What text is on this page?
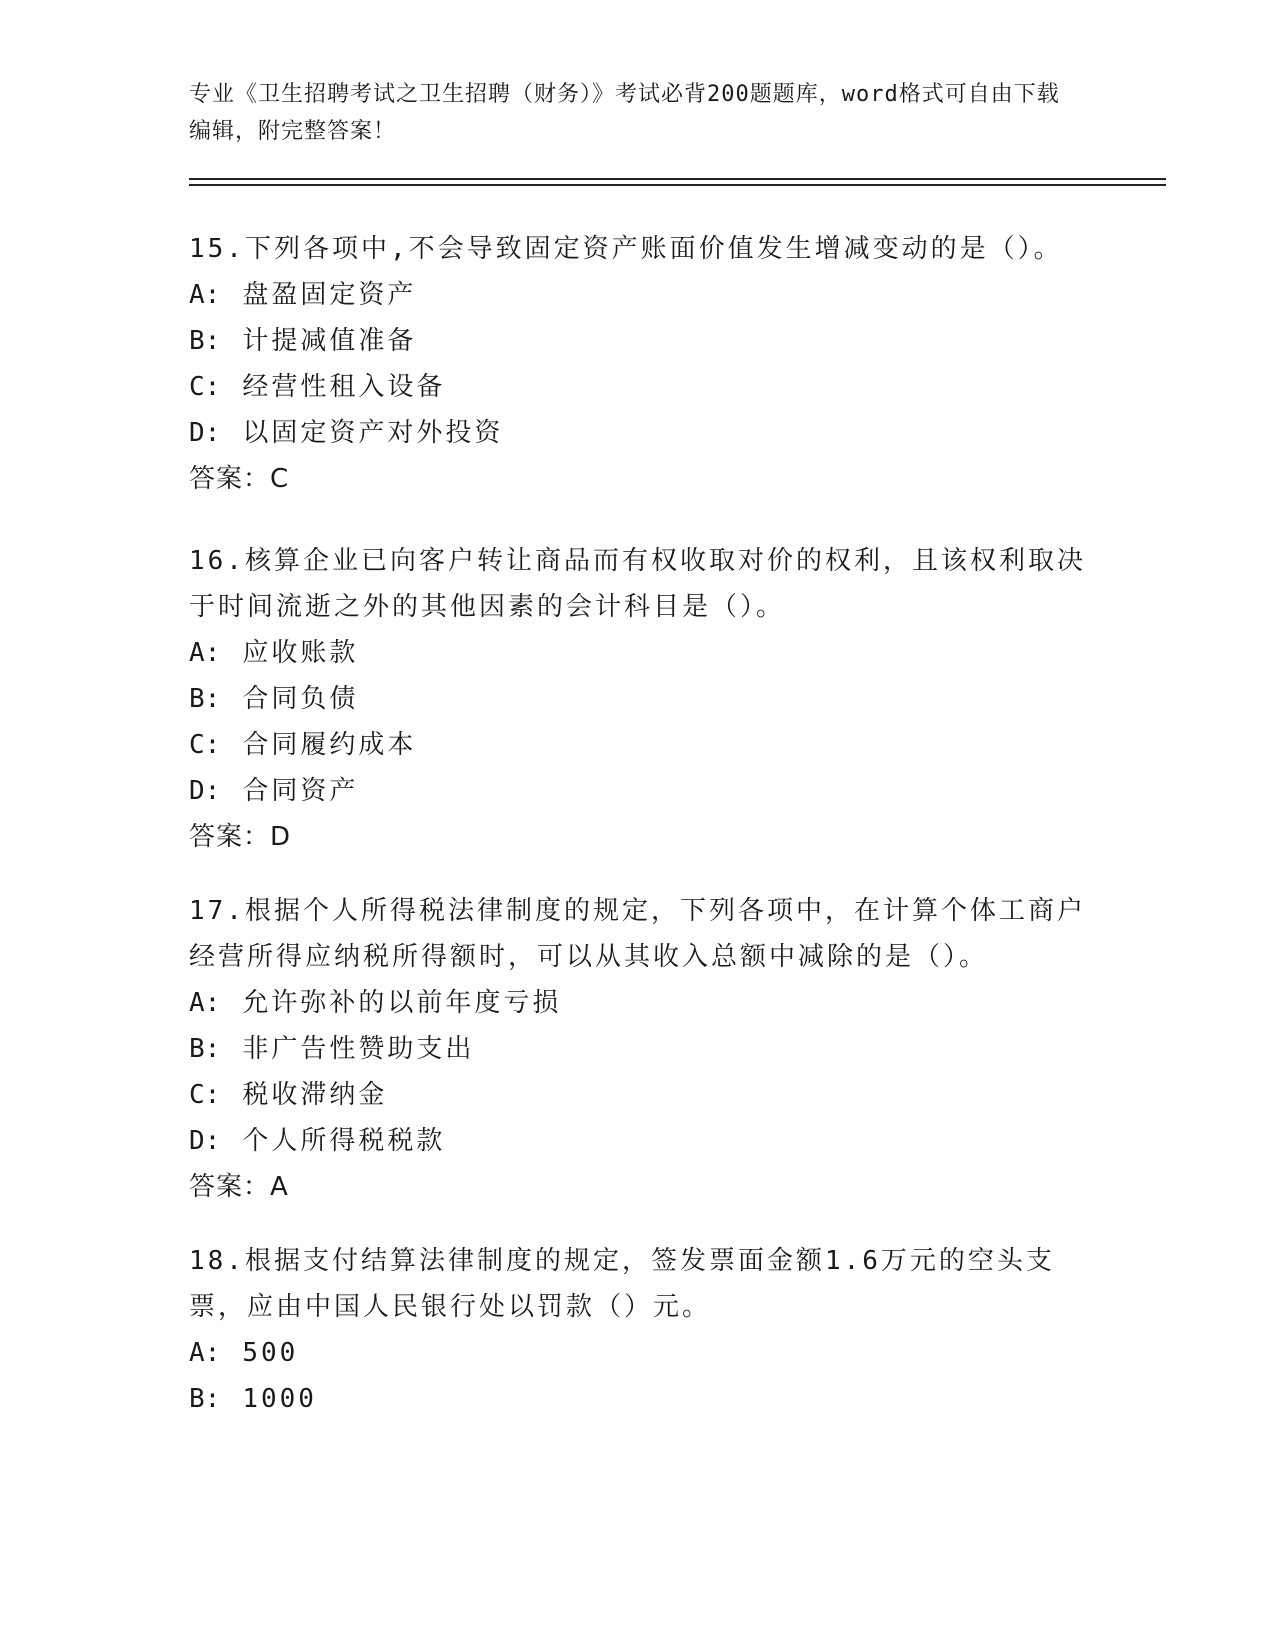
专业《卫生招聘考试之卫生招聘（财务）》考试必背200题题库，word格式可自由下载编辑，附完整答案！

15.下列各项中,不会导致固定资产账面价值发生增减变动的是（）。

A: 盘盈固定资产

B: 计提减值准备

C: 经营性租入设备

D: 以固定资产对外投资

答案：C

16.核算企业已向客户转让商品而有权收取对价的权利，且该权利取决于时间流逝之外的其他因素的会计科目是（）。

A: 应收账款

B: 合同负债

C: 合同履约成本

D: 合同资产

答案：D

17.根据个人所得税法律制度的规定，下列各项中，在计算个体工商户经营所得应纳税所得额时，可以从其收入总额中减除的是（）。

A: 允许弥补的以前年度亏损

B: 非广告性赞助支出

C: 税收滞纳金

D: 个人所得税税款

答案：A

18.根据支付结算法律制度的规定，签发票面金额1.6万元的空头支票，应由中国人民银行处以罚款（）元。

A: 500

B: 1000
